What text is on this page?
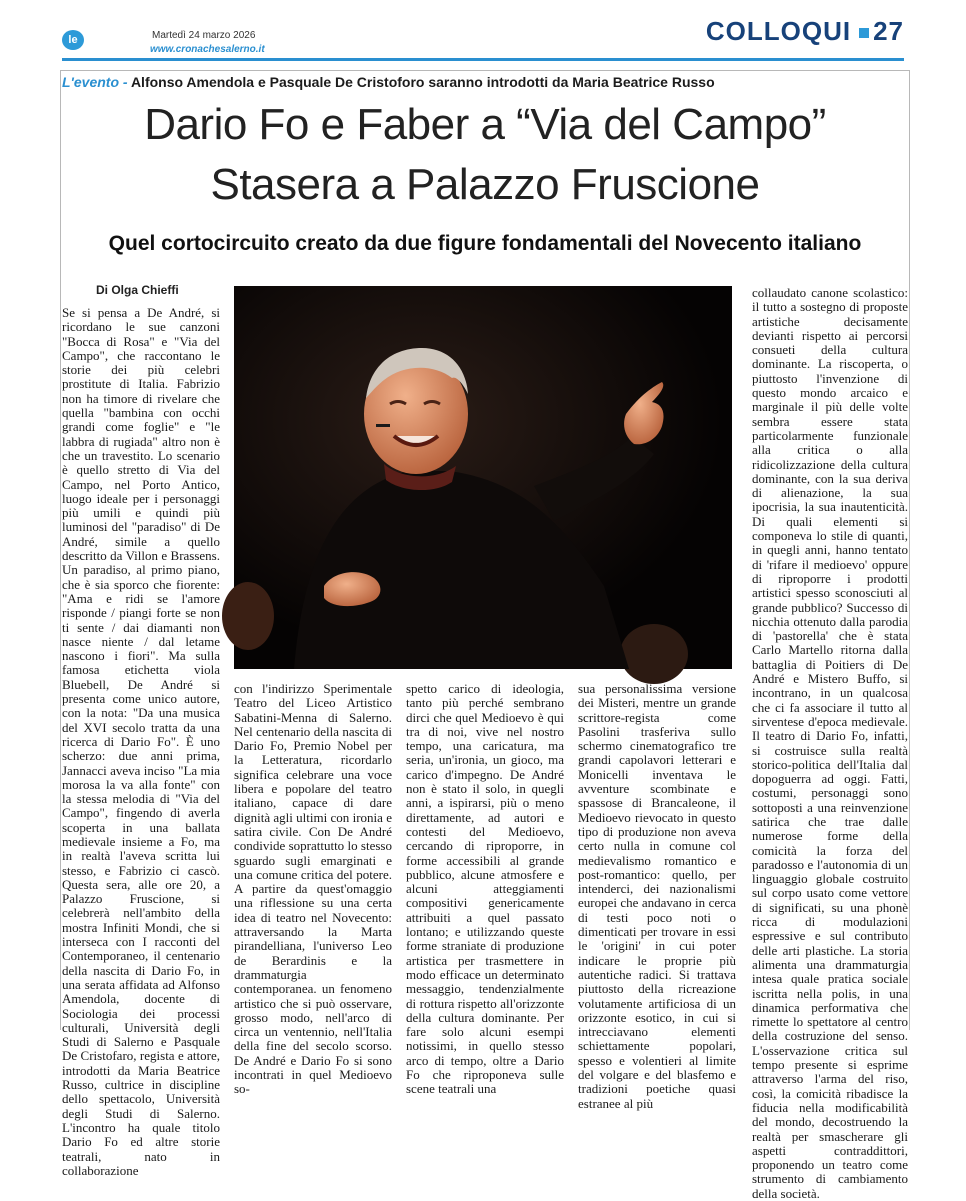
le	Martedì 24 marzo 2026
www.cronachesalerno.it
COLLOQUI 27
L'evento - Alfonso Amendola e Pasquale De Cristoforo saranno introdotti da Maria Beatrice Russo
Dario Fo e Faber a “Via del Campo”
Stasera a Palazzo Fruscione
Quel cortocircuito creato da due figure fondamentali del Novecento italiano
Di Olga Chieffi
Se si pensa a De André, si ricordano le sue canzoni "Bocca di Rosa" e "Via del Campo", che raccontano le storie dei più celebri prostitute di Italia. Fabrizio non ha timore di rivelare che quella "bambina con occhi grandi come foglie" e "le labbra di rugiada" altro non è che un travestito. Lo scenario è quello stretto di Via del Campo, nel Porto Antico, luogo ideale per i personaggi più umili e quindi più luminosi del "paradiso" di De André, simile a quello descritto da Villon e Brassens. Un paradiso, al primo piano, che è sia sporco che fiorente: "Ama e ridi se l'amore risponde / piangi forte se non ti sente / dai diamanti non nasce niente / dal letame nascono i fiori". Ma sulla famosa etichetta viola Bluebell, De André si presenta come unico autore, con la nota: "Da una musica del XVI secolo tratta da una ricerca di Dario Fo". È uno scherzo: due anni prima, Jannacci aveva inciso "La mia morosa la va alla fonte" con la stessa melodia di "Via del Campo", fingendo di averla scoperta in una ballata medievale insieme a Fo, ma in realtà l'aveva scritta lui stesso, e Fabrizio ci cascò. Questa sera, alle ore 20, a Palazzo Fruscione, si celebrerà nell'ambito della mostra Infiniti Mondi, che si interseca con I racconti del Contemporaneo, il centenario della nascita di Dario Fo, in una serata affidata ad Alfonso Amendola, docente di Sociologia dei processi culturali, Università degli Studi di Salerno e Pasquale De Cristofaro, regista e attore, introdotti da Maria Beatrice Russo, cultrice in discipline dello spettacolo, Università degli Studi di Salerno. L'incontro ha quale titolo Dario Fo ed altre storie teatrali, nato in collaborazione
con l'indirizzo Sperimentale Teatro del Liceo Artistico Sabatini-Menna di Salerno. Nel centenario della nascita di Dario Fo, Premio Nobel per la Letteratura, ricordarlo significa celebrare una voce libera e popolare del teatro italiano, capace di dare dignità agli ultimi con ironia e satira civile. Con De André condivide soprattutto lo stesso sguardo sugli emarginati e una comune critica del potere. A partire da quest'omaggio una riflessione su una certa idea di teatro nel Novecento: attraversando la Marta pirandelliana, l'universo Leo de Berardinis e la drammaturgia contemporanea. un fenomeno artistico che si può osservare, grosso modo, nell'arco di circa un ventennio, nell'Italia della fine del secolo scorso. De André e Dario Fo si sono incontrati in quel Medioevo so-
spetto carico di ideologia, tanto più perché sembrano dirci che quel Medioevo è qui tra di noi, vive nel nostro tempo, una caricatura, ma seria, un'ironia, un gioco, ma carico d'impegno. De André non è stato il solo, in quegli anni, a ispirarsi, più o meno direttamente, ad autori e contesti del Medioevo, cercando di riproporre, in forme accessibili al grande pubblico, alcune atmosfere e alcuni atteggiamenti compositivi genericamente attribuiti a quel passato lontano; e utilizzando queste forme straniate di produzione artistica per trasmettere in modo efficace un determinato messaggio, tendenzialmente di rottura rispetto all'orizzonte della cultura dominante. Per fare solo alcuni esempi notissimi, in quello stesso arco di tempo, oltre a Dario Fo che riproponeva sulle scene teatrali una
sua personalissima versione dei Misteri, mentre un grande scrittore-regista come Pasolini trasferiva sullo schermo cinematografico tre grandi capolavori letterari e Monicelli inventava le avventure scombinate e spassose di Brancaleone, il Medioevo rievocato in questo tipo di produzione non aveva certo nulla in comune col medievalismo romantico e post-romantico: quello, per intenderci, dei nazionalismi europei che andavano in cerca di testi poco noti o dimenticati per trovare in essi le 'origini' in cui poter indicare le proprie più autentiche radici. Si trattava piuttosto della ricreazione volutamente artificiosa di un orizzonte esotico, in cui si intrecciavano elementi schiettamente popolari, spesso e volentieri al limite del volgare e del blasfemo e tradizioni poetiche quasi estranee al più
collaudato canone scolastico: il tutto a sostegno di proposte artistiche decisamente devianti rispetto ai percorsi consueti della cultura dominante. La riscoperta, o piuttosto l'invenzione di questo mondo arcaico e marginale il più delle volte sembra essere stata particolarmente funzionale alla critica o alla ridicolizzazione della cultura dominante, con la sua deriva di alienazione, la sua ipocrisia, la sua inautenticità. Di quali elementi si componeva lo stile di quanti, in quegli anni, hanno tentato di 'rifare il medioevo' oppure di riproporre i prodotti artistici spesso sconosciuti al grande pubblico? Successo di nicchia ottenuto dalla parodia di 'pastorella' che è stata Carlo Martello ritorna dalla battaglia di Poitiers di De André e Mistero Buffo, si incontrano, in un qualcosa che ci fa associare il tutto al sirventese d'epoca medievale. Il teatro di Dario Fo, infatti, si costruisce sulla realtà storico-politica dell'Italia dal dopoguerra ad oggi. Fatti, costumi, personaggi sono sottoposti a una reinvenzione satirica che trae dalle numerose forme della comicità la forza del paradosso e l'autonomia di un linguaggio globale costruito sul corpo usato come vettore di significati, su una phonè ricca di modulazioni espressive e sul contributo delle arti plastiche. La storia alimenta una drammaturgia intesa quale pratica sociale iscritta nella polis, in una dinamica performativa che rimette lo spettatore al centro della costruzione del senso. L'osservazione critica sul tempo presente si esprime attraverso l'arma del riso, così, la comicità ribadisce la fiducia nella modificabilità del mondo, decostruendo la realtà per smascherare gli aspetti contraddittori, proponendo un teatro come strumento di cambiamento della società.
